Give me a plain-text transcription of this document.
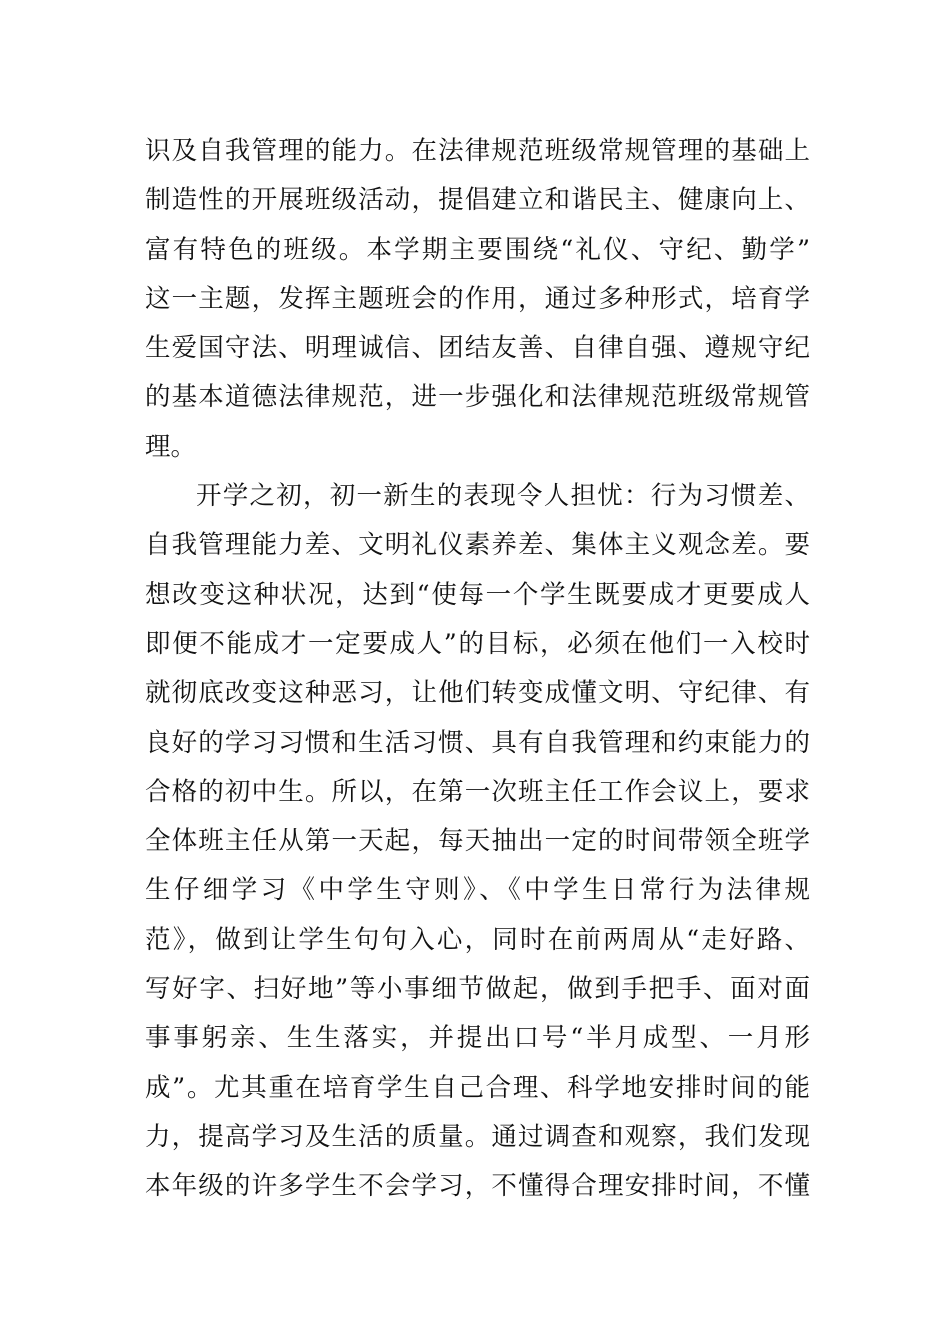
识及自我管理的能力。在法律规范班级常规管理的基础上
制造性的开展班级活动，提倡建立和谐民主、健康向上、
富有特色的班级。本学期主要围绕“礼仪、守纪、勤学”
这一主题，发挥主题班会的作用，通过多种形式，培育学
生爱国守法、明理诚信、团结友善、自律自强、遵规守纪
的基本道德法律规范，进一步强化和法律规范班级常规管
理。
开学之初，初一新生的表现令人担忧：行为习惯差、
自我管理能力差、文明礼仪素养差、集体主义观念差。要
想改变这种状况，达到“使每一个学生既要成才更要成人
即便不能成才一定要成人”的目标，必须在他们一入校时
就彻底改变这种恶习，让他们转变成懂文明、守纪律、有
良好的学习习惯和生活习惯、具有自我管理和约束能力的
合格的初中生。所以，在第一次班主任工作会议上，要求
全体班主任从第一天起，每天抽出一定的时间带领全班学
生仔细学习《中学生守则》、《中学生日常行为法律规
范》，做到让学生句句入心，同时在前两周从“走好路、
写好字、扫好地”等小事细节做起，做到手把手、面对面
事事躬亲、生生落实，并提出口号“半月成型、一月形
成”。尤其重在培育学生自己合理、科学地安排时间的能
力，提高学习及生活的质量。通过调查和观察，我们发现
本年级的许多学生不会学习，不懂得合理安排时间，不懂
